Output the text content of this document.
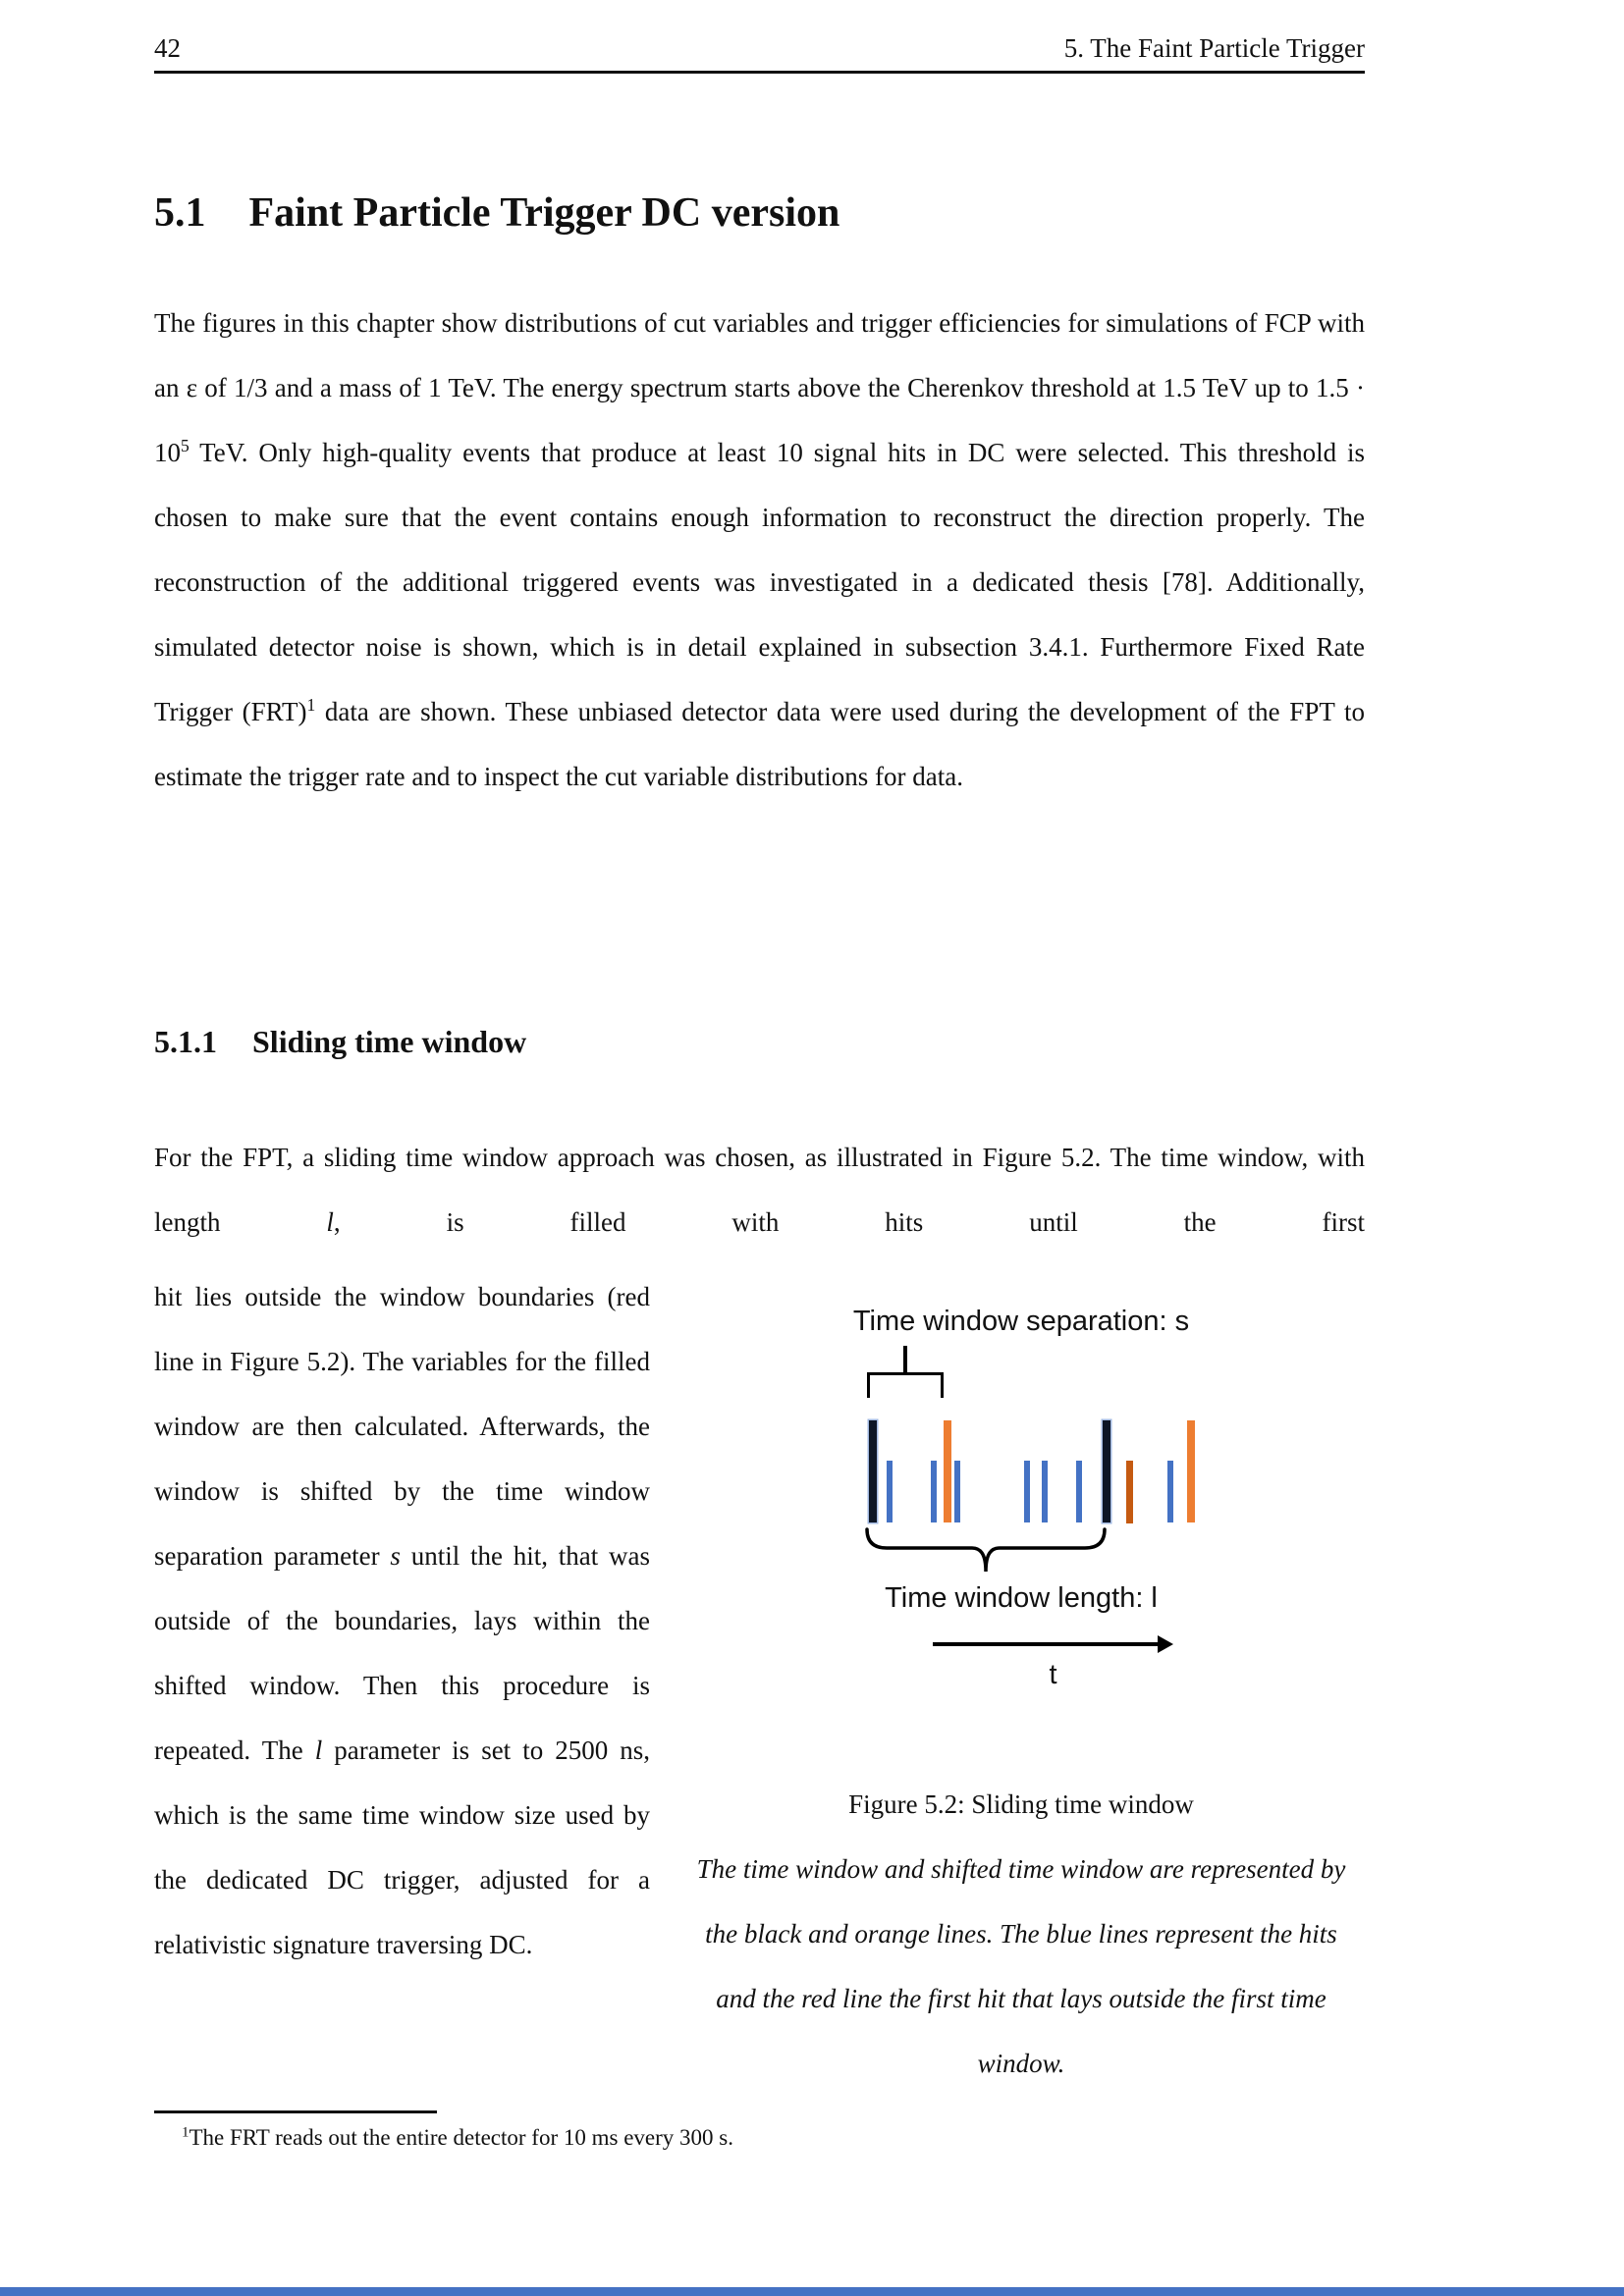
42	5. The Faint Particle Trigger
5.1 Faint Particle Trigger DC version

The figures in this chapter show distributions of cut variables and trigger efficiencies for simulations of FCP with an ε of 1/3 and a mass of 1 TeV. The energy spectrum starts above the Cherenkov threshold at 1.5 TeV up to $1.5 \cdot 10^5$ TeV. Only high-quality events that produce at least 10 signal hits in DC were selected. This threshold is chosen to make sure that the event contains enough information to reconstruct the direction properly. The reconstruction of the additional triggered events was investigated in a dedicated thesis [78]. Additionally, simulated detector noise is shown, which is in detail explained in subsection 3.4.1. Furthermore Fixed Rate Trigger (FRT)$^1$ data are shown. These unbiased detector data were used during the development of the FPT to estimate the trigger rate and to inspect the cut variable distributions for data.

5.1.1 Sliding time window

For the FPT, a sliding time window approach was chosen, as illustrated in Figure 5.2. The time window, with length l, is filled with hits until the first

hit lies outside the window boundaries (red line in Figure 5.2). The variables for the filled window are then calculated. Afterwards, the window is shifted by the time window separation parameter s until the hit, that was outside of the boundaries, lays within the shifted window. Then this procedure is repeated. The l parameter is set to 2500 ns, which is the same time window size used by the dedicated DC trigger, adjusted for a relativistic signature traversing DC.
Time window separation: s
Time window length: l
t
Figure 5.2: Sliding time window
The time window and shifted time window are represented by the black and orange lines. The blue lines represent the hits and the red line the first hit that lays outside the first time window.
$^1$The FRT reads out the entire detector for 10 ms every 300 s.
